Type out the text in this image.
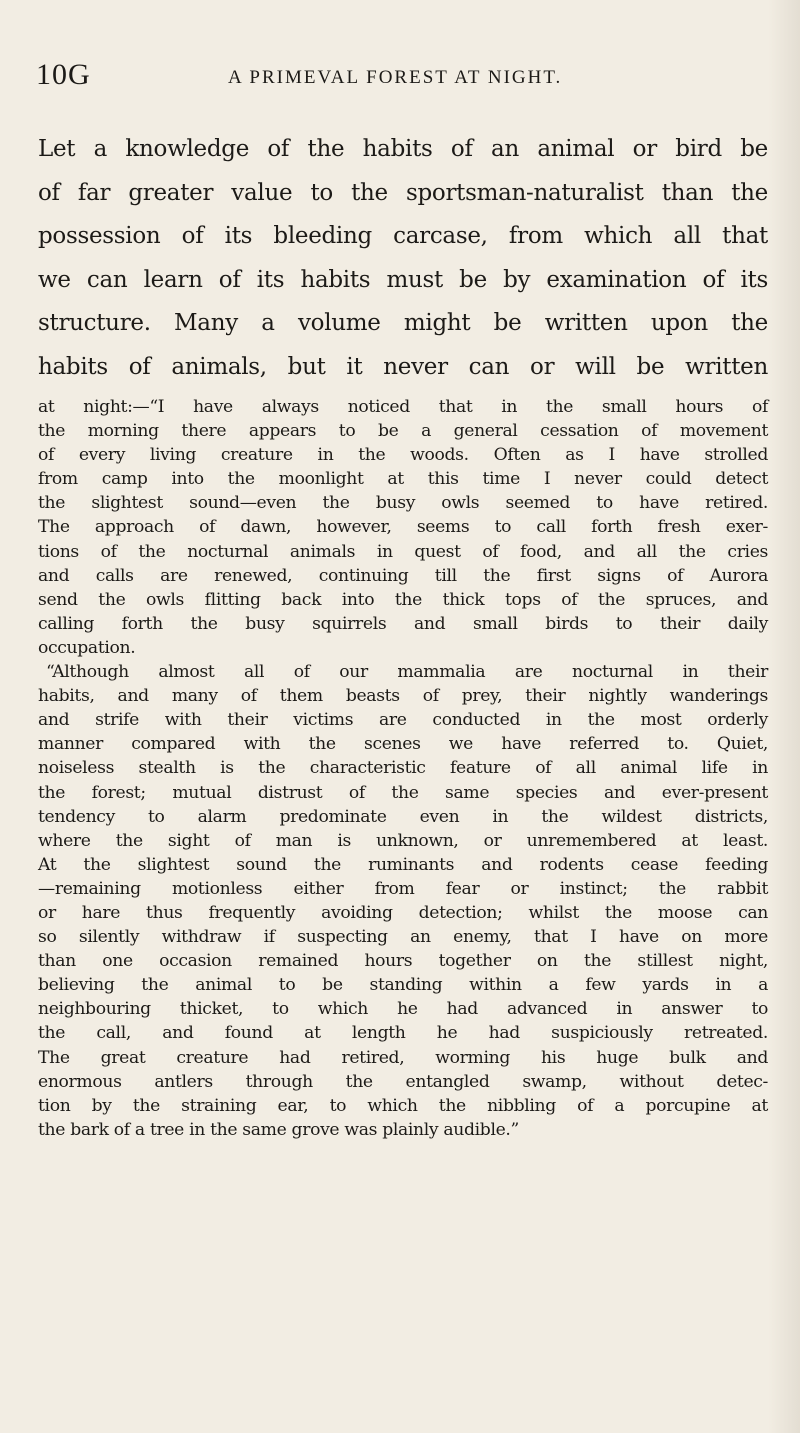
10G	A PRIMEVAL FOREST AT NIGHT.
Let a knowledge of the habits of an animal or bird be
of far greater value to the sportsman-naturalist than the
possession of its bleeding carcase, from which all that
we can learn of its habits must be by examination of its
structure. Many a volume might be written upon the
habits of animals, but it never can or will be written
at night:—“I have always noticed that in the small hours of
the morning there appears to be a general cessation of movement
of every living creature in the woods. Often as I have strolled
from camp into the moonlight at this time I never could detect
the slightest sound—even the busy owls seemed to have retired.
The approach of dawn, however, seems to call forth fresh exer-
tions of the nocturnal animals in quest of food, and all the cries
and calls are renewed, continuing till the first signs of Aurora
send the owls flitting back into the thick tops of the spruces, and
calling forth the busy squirrels and small birds to their daily
occupation.
“Although almost all of our mammalia are nocturnal in their
habits, and many of them beasts of prey, their nightly wanderings
and strife with their victims are conducted in the most orderly
manner compared with the scenes we have referred to. Quiet,
noiseless stealth is the characteristic feature of all animal life in
the forest; mutual distrust of the same species and ever-present
tendency to alarm predominate even in the wildest districts,
where the sight of man is unknown, or unremembered at least.
At the slightest sound the ruminants and rodents cease feeding
—remaining motionless either from fear or instinct; the rabbit
or hare thus frequently avoiding detection; whilst the moose can
so silently withdraw if suspecting an enemy, that I have on more
than one occasion remained hours together on the stillest night,
believing the animal to be standing within a few yards in a
neighbouring thicket, to which he had advanced in answer to
the call, and found at length he had suspiciously retreated.
The great creature had retired, worming his huge bulk and
enormous antlers through the entangled swamp, without detec-
tion by the straining ear, to which the nibbling of a porcupine at
the bark of a tree in the same grove was plainly audible.”
